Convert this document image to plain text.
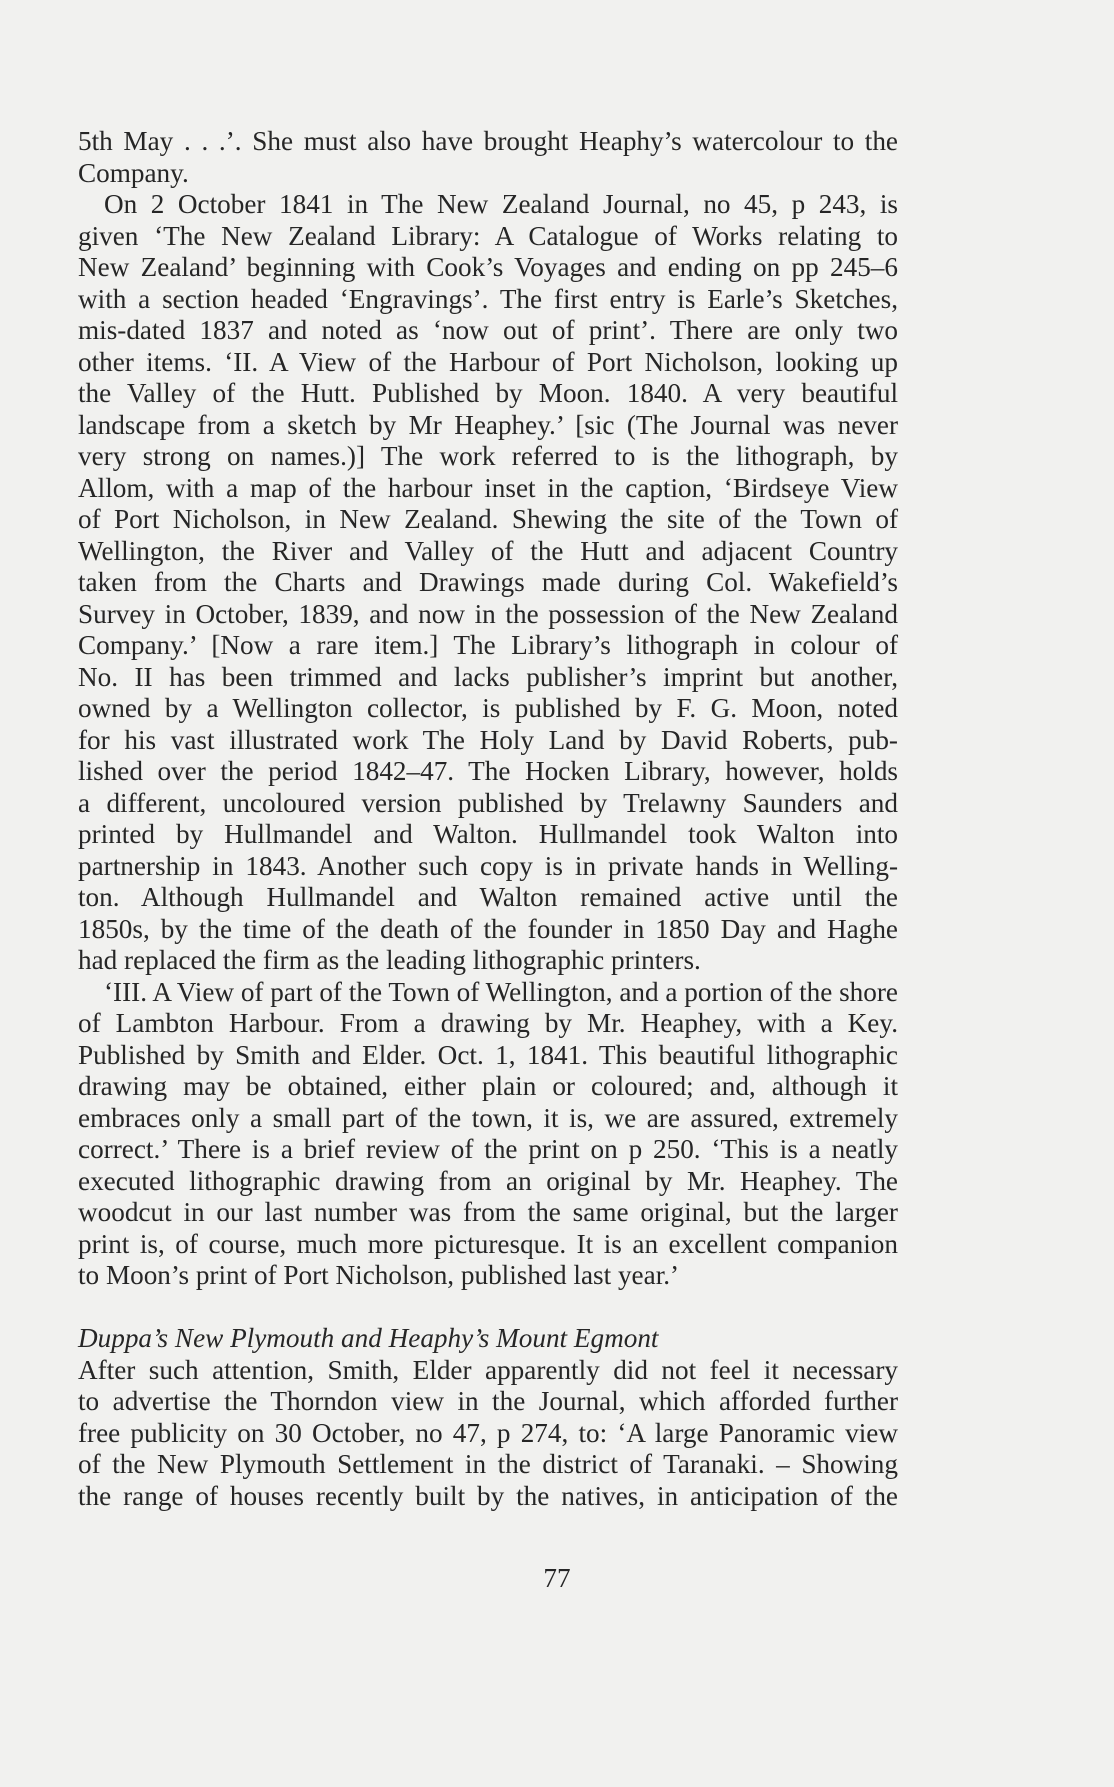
5th May . . .’. She must also have brought Heaphy’s watercolour to the
Company.
On 2 October 1841 in The New Zealand Journal, no 45, p 243, is
given ‘The New Zealand Library: A Catalogue of Works relating to
New Zealand’ beginning with Cook’s Voyages and ending on pp 245–6
with a section headed ‘Engravings’. The first entry is Earle’s Sketches,
mis-dated 1837 and noted as ‘now out of print’. There are only two
other items. ‘II. A View of the Harbour of Port Nicholson, looking up
the Valley of the Hutt. Published by Moon. 1840. A very beautiful
landscape from a sketch by Mr Heaphey.’ [sic (The Journal was never
very strong on names.)] The work referred to is the lithograph, by
Allom, with a map of the harbour inset in the caption, ‘Birdseye View
of Port Nicholson, in New Zealand. Shewing the site of the Town of
Wellington, the River and Valley of the Hutt and adjacent Country
taken from the Charts and Drawings made during Col. Wakefield’s
Survey in October, 1839, and now in the possession of the New Zealand
Company.’ [Now a rare item.] The Library’s lithograph in colour of
No. II has been trimmed and lacks publisher’s imprint but another,
owned by a Wellington collector, is published by F. G. Moon, noted
for his vast illustrated work The Holy Land by David Roberts, pub-
lished over the period 1842–47. The Hocken Library, however, holds
a different, uncoloured version published by Trelawny Saunders and
printed by Hullmandel and Walton. Hullmandel took Walton into
partnership in 1843. Another such copy is in private hands in Welling-
ton. Although Hullmandel and Walton remained active until the
1850s, by the time of the death of the founder in 1850 Day and Haghe
had replaced the firm as the leading lithographic printers.
‘III. A View of part of the Town of Wellington, and a portion of the shore
of Lambton Harbour. From a drawing by Mr. Heaphey, with a Key.
Published by Smith and Elder. Oct. 1, 1841. This beautiful lithographic
drawing may be obtained, either plain or coloured; and, although it
embraces only a small part of the town, it is, we are assured, extremely
correct.’ There is a brief review of the print on p 250. ‘This is a neatly
executed lithographic drawing from an original by Mr. Heaphey. The
woodcut in our last number was from the same original, but the larger
print is, of course, much more picturesque. It is an excellent companion
to Moon’s print of Port Nicholson, published last year.’
Duppa’s New Plymouth and Heaphy’s Mount Egmont
After such attention, Smith, Elder apparently did not feel it necessary
to advertise the Thorndon view in the Journal, which afforded further
free publicity on 30 October, no 47, p 274, to: ‘A large Panoramic view
of the New Plymouth Settlement in the district of Taranaki. – Showing
the range of houses recently built by the natives, in anticipation of the
77
